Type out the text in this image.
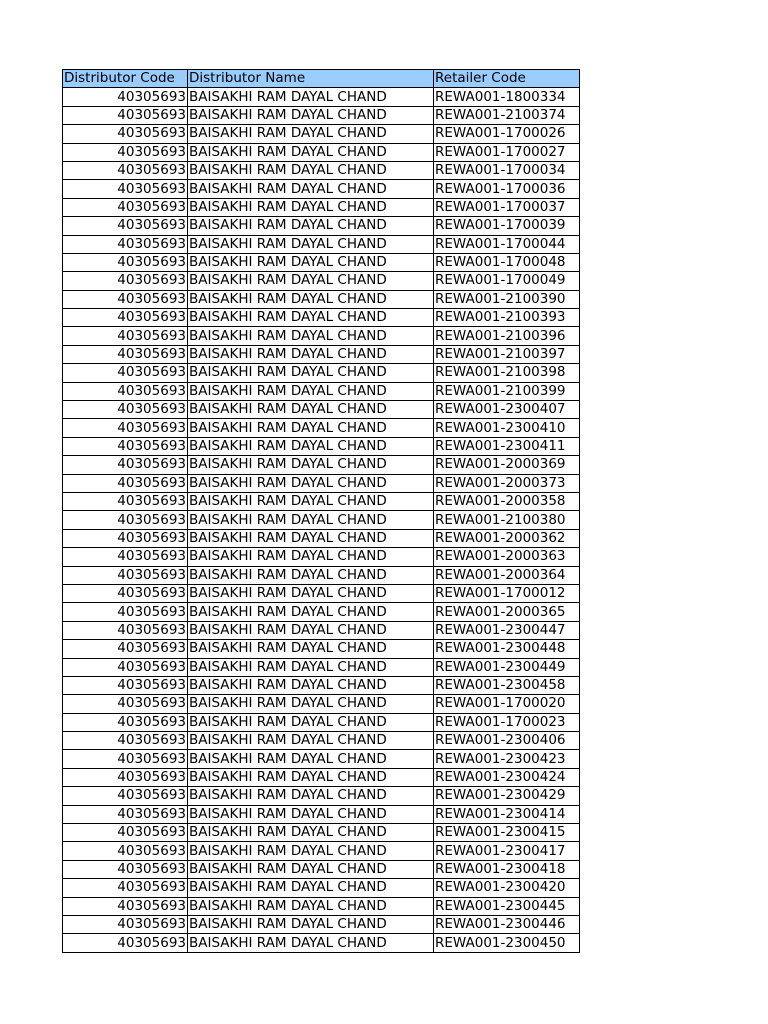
Distributor Code	Distributor Name	Retailer Code
40305693	BAISAKHI RAM DAYAL CHAND	REWA001-1800334
40305693	BAISAKHI RAM DAYAL CHAND	REWA001-2100374
40305693	BAISAKHI RAM DAYAL CHAND	REWA001-1700026
40305693	BAISAKHI RAM DAYAL CHAND	REWA001-1700027
40305693	BAISAKHI RAM DAYAL CHAND	REWA001-1700034
40305693	BAISAKHI RAM DAYAL CHAND	REWA001-1700036
40305693	BAISAKHI RAM DAYAL CHAND	REWA001-1700037
40305693	BAISAKHI RAM DAYAL CHAND	REWA001-1700039
40305693	BAISAKHI RAM DAYAL CHAND	REWA001-1700044
40305693	BAISAKHI RAM DAYAL CHAND	REWA001-1700048
40305693	BAISAKHI RAM DAYAL CHAND	REWA001-1700049
40305693	BAISAKHI RAM DAYAL CHAND	REWA001-2100390
40305693	BAISAKHI RAM DAYAL CHAND	REWA001-2100393
40305693	BAISAKHI RAM DAYAL CHAND	REWA001-2100396
40305693	BAISAKHI RAM DAYAL CHAND	REWA001-2100397
40305693	BAISAKHI RAM DAYAL CHAND	REWA001-2100398
40305693	BAISAKHI RAM DAYAL CHAND	REWA001-2100399
40305693	BAISAKHI RAM DAYAL CHAND	REWA001-2300407
40305693	BAISAKHI RAM DAYAL CHAND	REWA001-2300410
40305693	BAISAKHI RAM DAYAL CHAND	REWA001-2300411
40305693	BAISAKHI RAM DAYAL CHAND	REWA001-2000369
40305693	BAISAKHI RAM DAYAL CHAND	REWA001-2000373
40305693	BAISAKHI RAM DAYAL CHAND	REWA001-2000358
40305693	BAISAKHI RAM DAYAL CHAND	REWA001-2100380
40305693	BAISAKHI RAM DAYAL CHAND	REWA001-2000362
40305693	BAISAKHI RAM DAYAL CHAND	REWA001-2000363
40305693	BAISAKHI RAM DAYAL CHAND	REWA001-2000364
40305693	BAISAKHI RAM DAYAL CHAND	REWA001-1700012
40305693	BAISAKHI RAM DAYAL CHAND	REWA001-2000365
40305693	BAISAKHI RAM DAYAL CHAND	REWA001-2300447
40305693	BAISAKHI RAM DAYAL CHAND	REWA001-2300448
40305693	BAISAKHI RAM DAYAL CHAND	REWA001-2300449
40305693	BAISAKHI RAM DAYAL CHAND	REWA001-2300458
40305693	BAISAKHI RAM DAYAL CHAND	REWA001-1700020
40305693	BAISAKHI RAM DAYAL CHAND	REWA001-1700023
40305693	BAISAKHI RAM DAYAL CHAND	REWA001-2300406
40305693	BAISAKHI RAM DAYAL CHAND	REWA001-2300423
40305693	BAISAKHI RAM DAYAL CHAND	REWA001-2300424
40305693	BAISAKHI RAM DAYAL CHAND	REWA001-2300429
40305693	BAISAKHI RAM DAYAL CHAND	REWA001-2300414
40305693	BAISAKHI RAM DAYAL CHAND	REWA001-2300415
40305693	BAISAKHI RAM DAYAL CHAND	REWA001-2300417
40305693	BAISAKHI RAM DAYAL CHAND	REWA001-2300418
40305693	BAISAKHI RAM DAYAL CHAND	REWA001-2300420
40305693	BAISAKHI RAM DAYAL CHAND	REWA001-2300445
40305693	BAISAKHI RAM DAYAL CHAND	REWA001-2300446
40305693	BAISAKHI RAM DAYAL CHAND	REWA001-2300450
